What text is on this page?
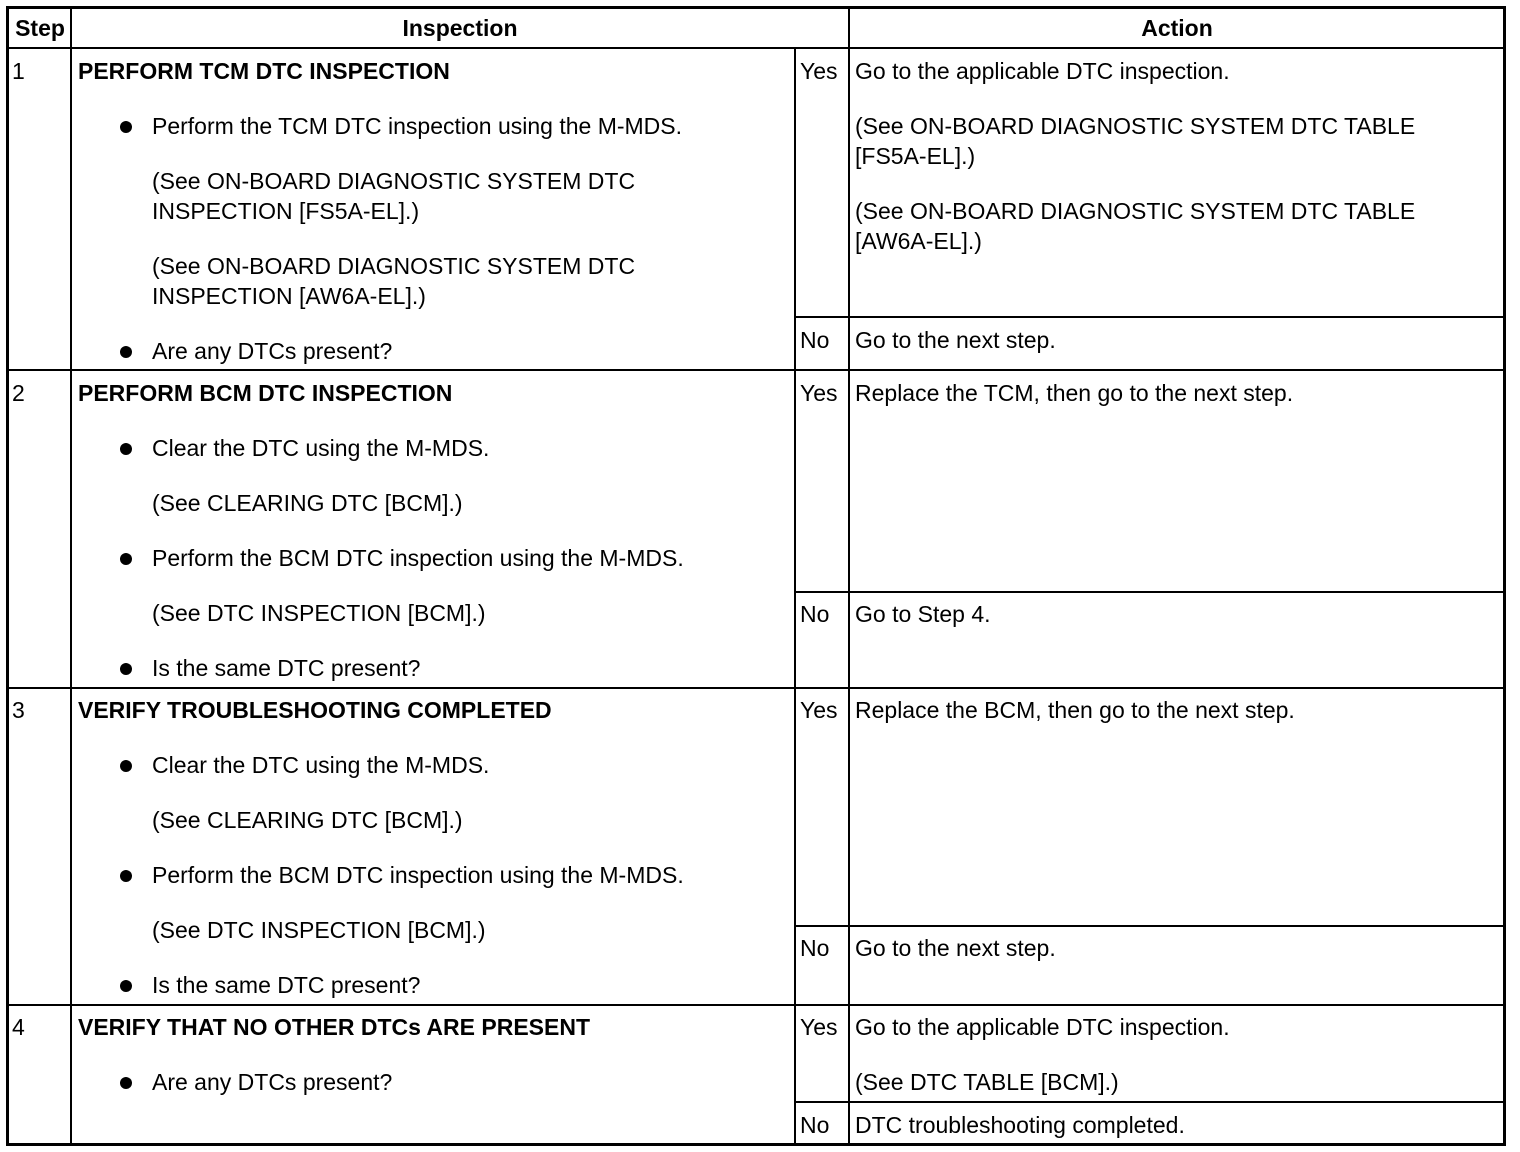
Step	Inspection	Action
1 PERFORM TCM DTC INSPECTION
Perform the TCM DTC inspection using the M-MDS.
(See ON-BOARD DIAGNOSTIC SYSTEM DTC
INSPECTION [FS5A-EL].)
(See ON-BOARD DIAGNOSTIC SYSTEM DTC
INSPECTION [AW6A-EL].)
Are any DTCs present?
Yes Go to the applicable DTC inspection.
(See ON-BOARD DIAGNOSTIC SYSTEM DTC TABLE
[FS5A-EL].)
(See ON-BOARD DIAGNOSTIC SYSTEM DTC TABLE
[AW6A-EL].)
No Go to the next step.
2 PERFORM BCM DTC INSPECTION
Clear the DTC using the M-MDS.
(See CLEARING DTC [BCM].)
Perform the BCM DTC inspection using the M-MDS.
(See DTC INSPECTION [BCM].)
Is the same DTC present?
Yes Replace the TCM, then go to the next step.
No Go to Step 4.
3 VERIFY TROUBLESHOOTING COMPLETED
Clear the DTC using the M-MDS.
(See CLEARING DTC [BCM].)
Perform the BCM DTC inspection using the M-MDS.
(See DTC INSPECTION [BCM].)
Is the same DTC present?
Yes Replace the BCM, then go to the next step.
No Go to the next step.
4 VERIFY THAT NO OTHER DTCs ARE PRESENT
Are any DTCs present?
Yes Go to the applicable DTC inspection.
(See DTC TABLE [BCM].)
No DTC troubleshooting completed.
